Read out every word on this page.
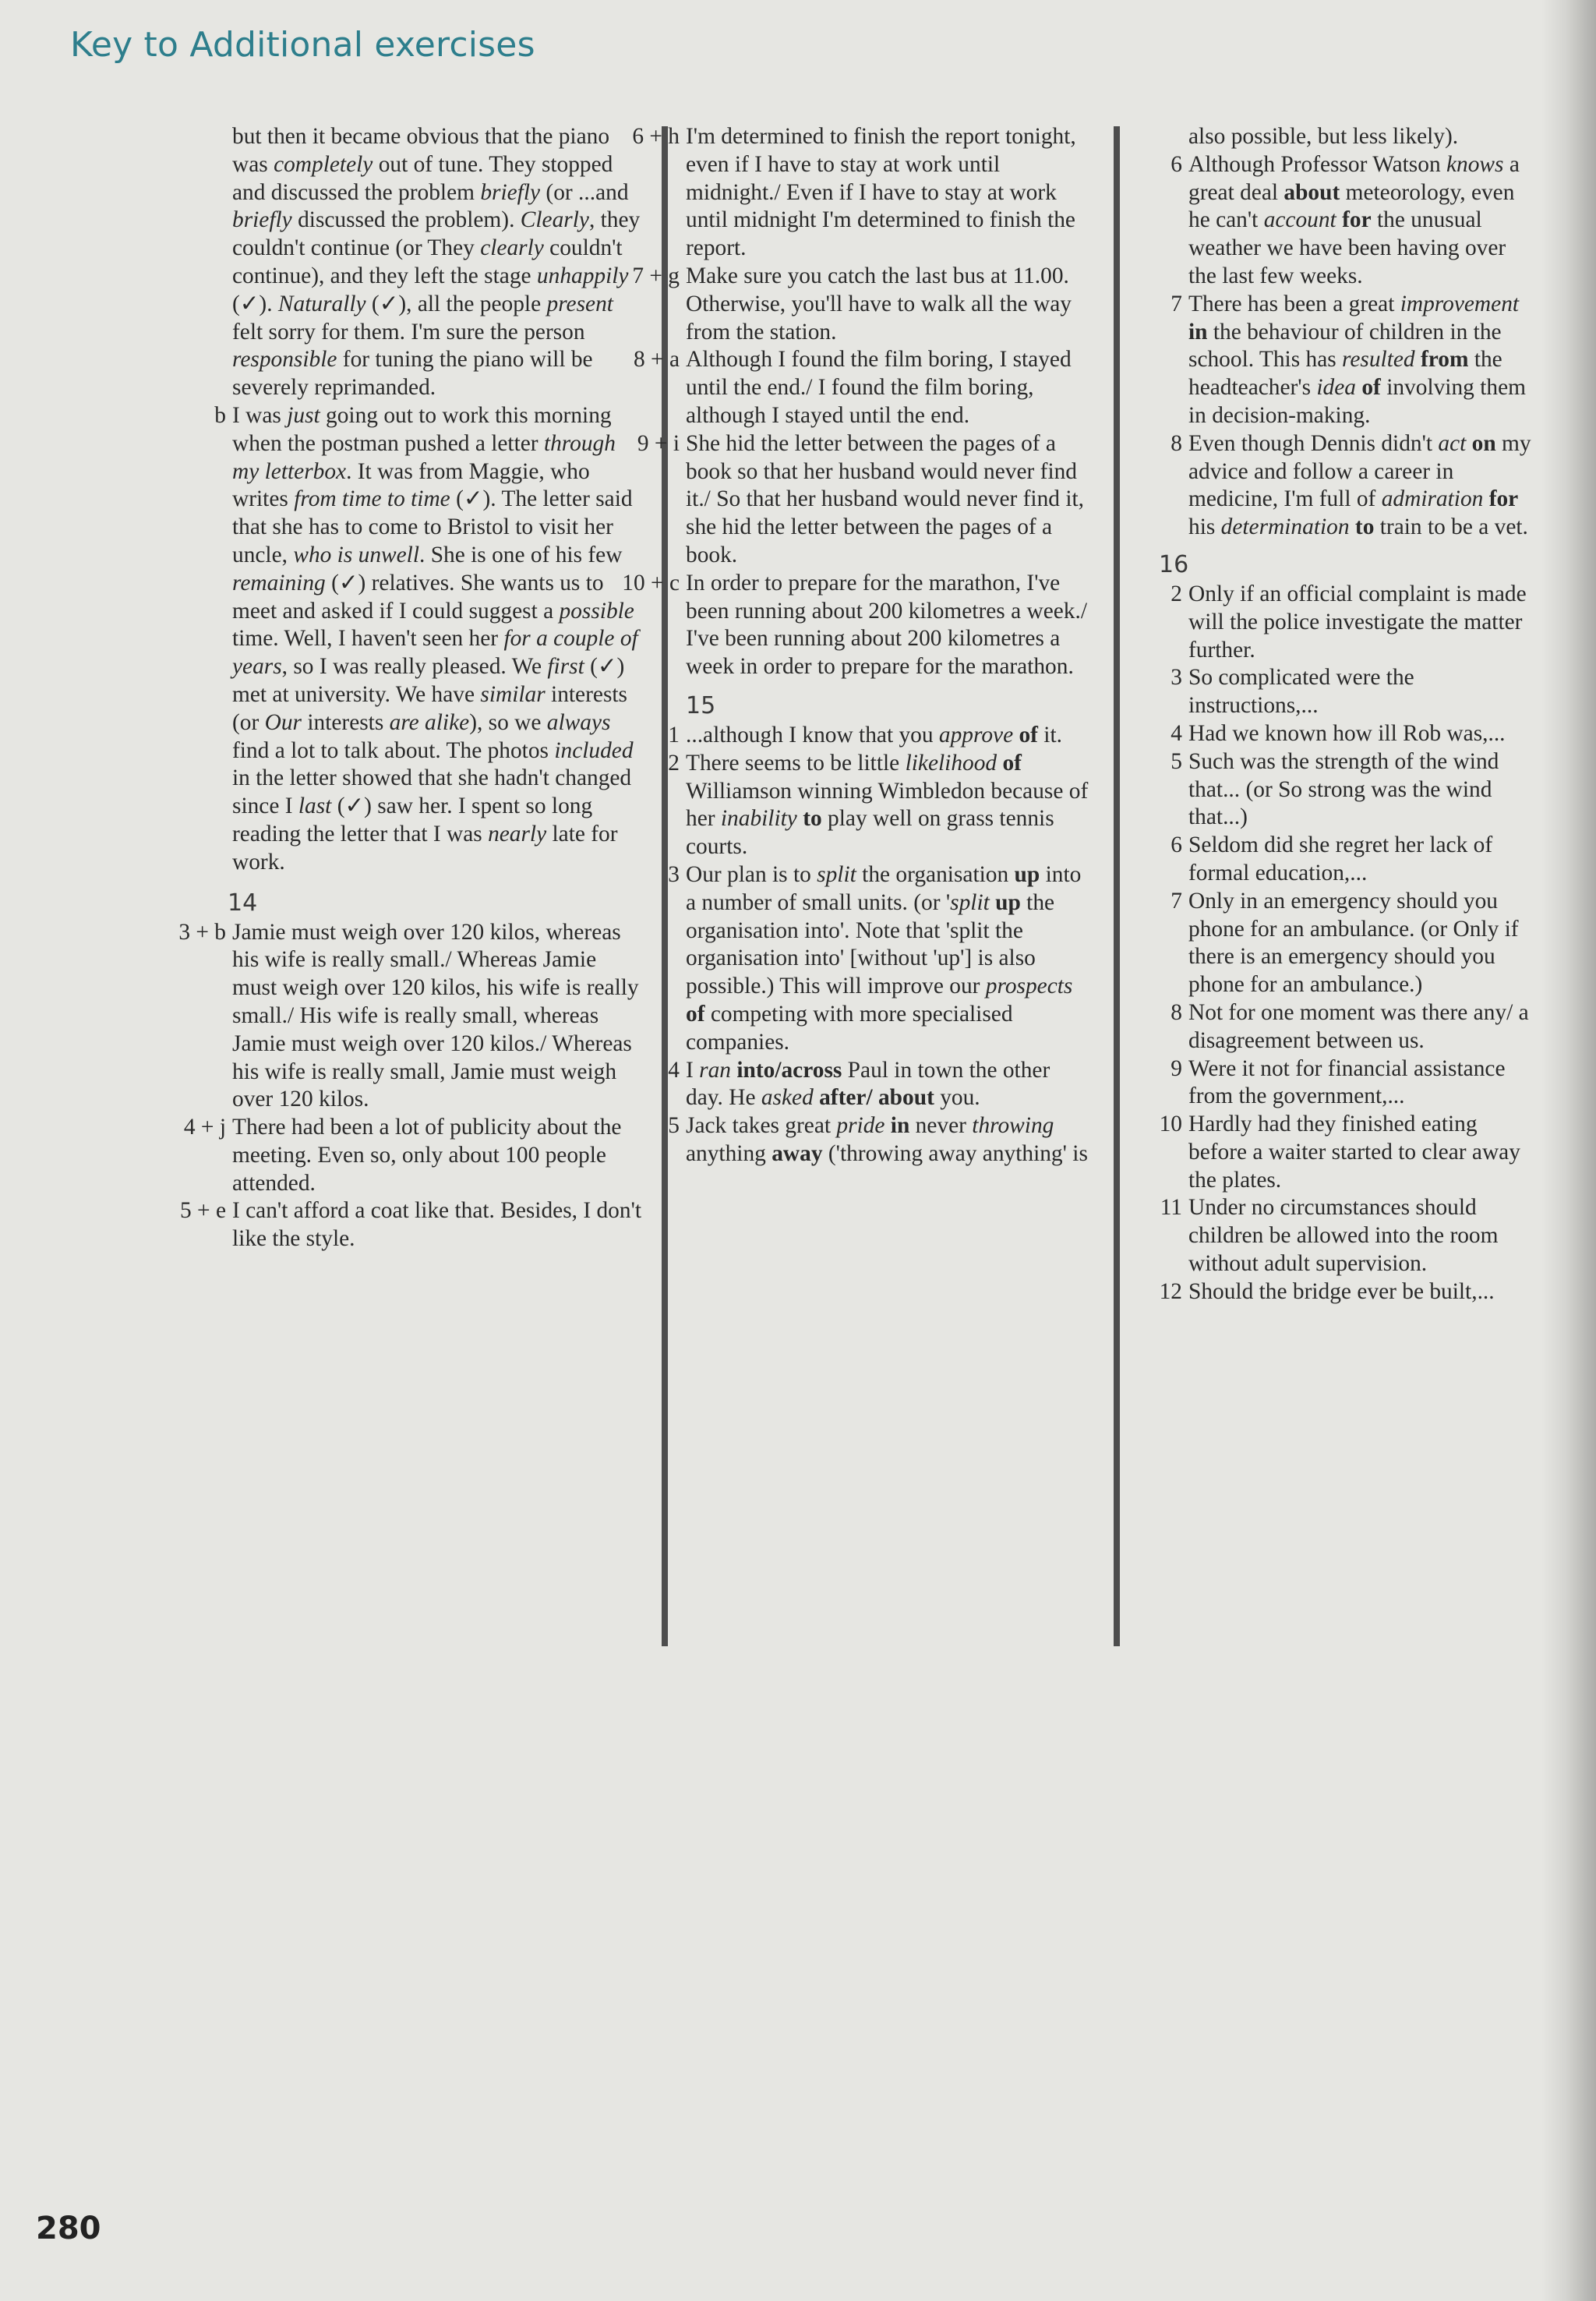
Key to Additional exercises
but then it became obvious that the piano was completely out of tune. They stopped and discussed the problem briefly (or ...and briefly discussed the problem). Clearly, they couldn't continue (or They clearly couldn't continue), and they left the stage unhappily (✓). Naturally (✓), all the people present felt sorry for them. I'm sure the person responsible for tuning the piano will be severely reprimanded.
b I was just going out to work this morning when the postman pushed a letter through my letterbox. It was from Maggie, who writes from time to time (✓). The letter said that she has to come to Bristol to visit her uncle, who is unwell. She is one of his few remaining (✓) relatives. She wants us to meet and asked if I could suggest a possible time. Well, I haven't seen her for a couple of years, so I was really pleased. We first (✓) met at university. We have similar interests (or Our interests are alike), so we always find a lot to talk about. The photos included in the letter showed that she hadn't changed since I last (✓) saw her. I spent so long reading the letter that I was nearly late for work.
14
3 + b Jamie must weigh over 120 kilos, whereas his wife is really small./ Whereas Jamie must weigh over 120 kilos, his wife is really small./ His wife is really small, whereas Jamie must weigh over 120 kilos./ Whereas his wife is really small, Jamie must weigh over 120 kilos.
4 + j There had been a lot of publicity about the meeting. Even so, only about 100 people attended.
5 + e I can't afford a coat like that. Besides, I don't like the style.
6 + h I'm determined to finish the report tonight, even if I have to stay at work until midnight./ Even if I have to stay at work until midnight I'm determined to finish the report.
7 + g Make sure you catch the last bus at 11.00. Otherwise, you'll have to walk all the way from the station.
8 + a Although I found the film boring, I stayed until the end./ I found the film boring, although I stayed until the end.
9 + i She hid the letter between the pages of a book so that her husband would never find it./ So that her husband would never find it, she hid the letter between the pages of a book.
10 + c In order to prepare for the marathon, I've been running about 200 kilometres a week./ I've been running about 200 kilometres a week in order to prepare for the marathon.
15
1 ...although I know that you approve of it.
2 There seems to be little likelihood of Williamson winning Wimbledon because of her inability to play well on grass tennis courts.
3 Our plan is to split the organisation up into a number of small units. (or 'split up the organisation into'. Note that 'split the organisation into' [without 'up'] is also possible.) This will improve our prospects of competing with more specialised companies.
4 I ran into/across Paul in town the other day. He asked after/ about you.
5 Jack takes great pride in never throwing anything away ('throwing away anything' is
also possible, but less likely).
6 Although Professor Watson knows a great deal about meteorology, even he can't account for the unusual weather we have been having over the last few weeks.
7 There has been a great improvement in the behaviour of children in the school. This has resulted from the headteacher's idea of involving them in decision-making.
8 Even though Dennis didn't act on my advice and follow a career in medicine, I'm full of admiration for his determination to train to be a vet.
16
2 Only if an official complaint is made will the police investigate the matter further.
3 So complicated were the instructions,...
4 Had we known how ill Rob was,...
5 Such was the strength of the wind that... (or So strong was the wind that...)
6 Seldom did she regret her lack of formal education,...
7 Only in an emergency should you phone for an ambulance. (or Only if there is an emergency should you phone for an ambulance.)
8 Not for one moment was there any/ a disagreement between us.
9 Were it not for financial assistance from the government,...
10 Hardly had they finished eating before a waiter started to clear away the plates.
11 Under no circumstances should children be allowed into the room without adult supervision.
12 Should the bridge ever be built,...
280
